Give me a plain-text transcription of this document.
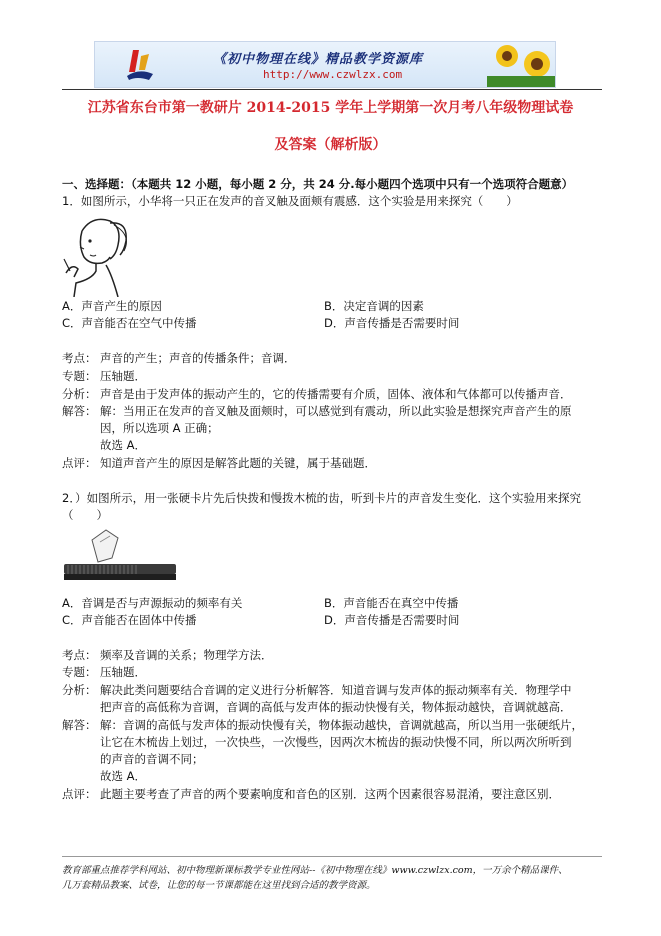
《初中物理在线》精品教学资源库
http://www.czwlzx.com
江苏省东台市第一教研片 2014-2015 学年上学期第一次月考八年级物理试卷
及答案（解析版）
一、选择题：（本题共 12 小题，每小题 2 分，共 24 分.每小题四个选项中只有一个选项符合题意）
1．如图所示，小华将一只正在发声的音叉触及面颊有震感．这个实验是用来探究（　　）
A．声音产生的原因	B．决定音调的因素
C．声音能否在空气中传播	D．声音传播是否需要时间
考点： 声音的产生；声音的传播条件；音调．
专题： 压轴题．
分析： 声音是由于发声体的振动产生的，它的传播需要有介质，固体、液体和气体都可以传播声音．
解答： 解：当用正在发声的音叉触及面颊时，可以感觉到有震动，所以此实验是想探究声音产生的原
因，所以选项 A 正确；
故选 A．
点评： 知道声音产生的原因是解答此题的关键，属于基础题．
2．）如图所示，用一张硬卡片先后快拨和慢拨木梳的齿，听到卡片的声音发生变化．这个实验用来探究
（　　）
A．音调是否与声源振动的频率有关	B．声音能否在真空中传播
C．声音能否在固体中传播	D．声音传播是否需要时间
考点： 频率及音调的关系；物理学方法．
专题： 压轴题．
分析： 解决此类问题要结合音调的定义进行分析解答．知道音调与发声体的振动频率有关．物理学中
把声音的高低称为音调，音调的高低与发声体的振动快慢有关，物体振动越快，音调就越高．
解答： 解：音调的高低与发声体的振动快慢有关，物体振动越快，音调就越高，所以当用一张硬纸片，
让它在木梳齿上划过，一次快些，一次慢些，因两次木梳齿的振动快慢不同，所以两次所听到
的声音的音调不同；
故选 A．
点评： 此题主要考查了声音的两个要素响度和音色的区别．这两个因素很容易混淆，要注意区别．
教育部重点推荐学科网站、初中物理新课标教学专业性网站--《初中物理在线》www.czwlzx.com，一万余个精品课件、
几万套精品教案、试卷，让您的每一节课都能在这里找到合适的教学资源。
